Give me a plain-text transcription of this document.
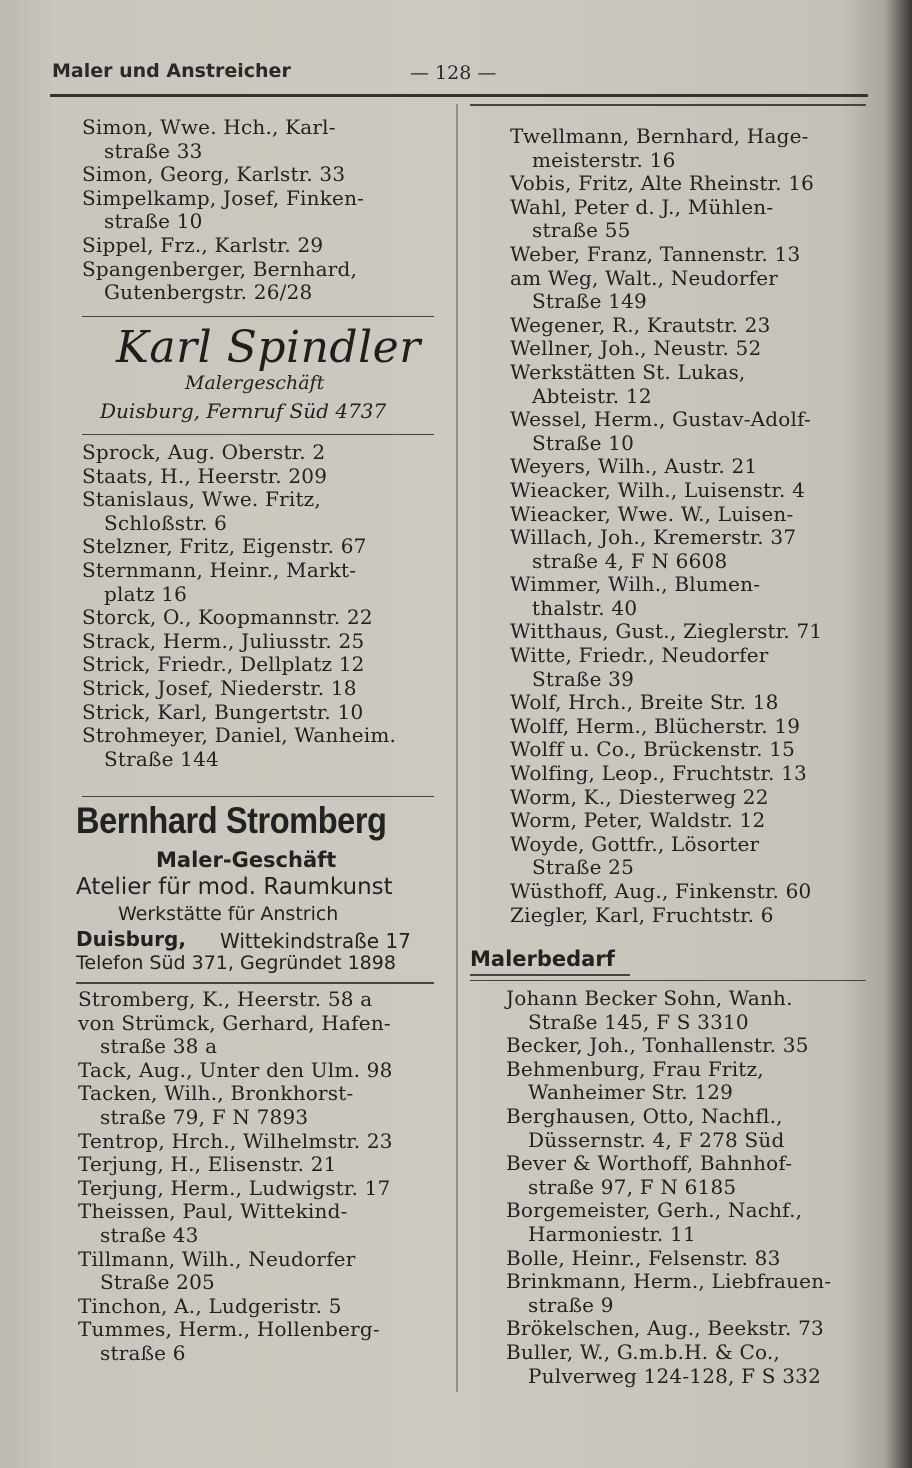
Maler und Anstreicher	— 128 —
Simon, Wwe. Hch., Karl-
straße 33
Simon, Georg, Karlstr. 33
Simpelkamp, Josef, Finken-
straße 10
Sippel, Frz., Karlstr. 29
Spangenberger, Bernhard,
Gutenbergstr. 26/28
Karl Spindler
Malergeschäft
Duisburg, Fernruf Süd 4737
Sprock, Aug. Oberstr. 2
Staats, H., Heerstr. 209
Stanislaus, Wwe. Fritz,
Schloßstr. 6
Stelzner, Fritz, Eigenstr. 67
Sternmann, Heinr., Markt-
platz 16
Storck, O., Koopmannstr. 22
Strack, Herm., Juliusstr. 25
Strick, Friedr., Dellplatz 12
Strick, Josef, Niederstr. 18
Strick, Karl, Bungertstr. 10
Strohmeyer, Daniel, Wanheim.
Straße 144
Bernhard Stromberg
Maler-Geschäft
Atelier für mod. Raumkunst
Werkstätte für Anstrich
Duisburg, Wittekindstraße 17
Telefon Süd 371, Gegründet 1898
Stromberg, K., Heerstr. 58 a
von Strümck, Gerhard, Hafen-
straße 38 a
Tack, Aug., Unter den Ulm. 98
Tacken, Wilh., Bronkhorst-
straße 79, F N 7893
Tentrop, Hrch., Wilhelmstr. 23
Terjung, H., Elisenstr. 21
Terjung, Herm., Ludwigstr. 17
Theissen, Paul, Wittekind-
straße 43
Tillmann, Wilh., Neudorfer
Straße 205
Tinchon, A., Ludgeristr. 5
Tummes, Herm., Hollenberg-
straße 6
Twellmann, Bernhard, Hage-
meisterstr. 16
Vobis, Fritz, Alte Rheinstr. 16
Wahl, Peter d. J., Mühlen-
straße 55
Weber, Franz, Tannenstr. 13
am Weg, Walt., Neudorfer
Straße 149
Wegener, R., Krautstr. 23
Wellner, Joh., Neustr. 52
Werkstätten St. Lukas,
Abteistr. 12
Wessel, Herm., Gustav-Adolf-
Straße 10
Weyers, Wilh., Austr. 21
Wieacker, Wilh., Luisenstr. 4
Wieacker, Wwe. W., Luisen-
Willach, Joh., Kremerstr. 37
straße 4, F N 6608
Wimmer, Wilh., Blumen-
thalstr. 40
Witthaus, Gust., Zieglerstr. 71
Witte, Friedr., Neudorfer
Straße 39
Wolf, Hrch., Breite Str. 18
Wolff, Herm., Blücherstr. 19
Wolff u. Co., Brückenstr. 15
Wolfing, Leop., Fruchtstr. 13
Worm, K., Diesterweg 22
Worm, Peter, Waldstr. 12
Woyde, Gottfr., Lösorter
Straße 25
Wüsthoff, Aug., Finkenstr. 60
Ziegler, Karl, Fruchtstr. 6
Malerbedarf
Johann Becker Sohn, Wanh.
Straße 145, F S 3310
Becker, Joh., Tonhallenstr. 35
Behmenburg, Frau Fritz,
Wanheimer Str. 129
Berghausen, Otto, Nachfl.,
Düssernstr. 4, F 278 Süd
Bever & Worthoff, Bahnhof-
straße 97, F N 6185
Borgemeister, Gerh., Nachf.,
Harmoniestr. 11
Bolle, Heinr., Felsenstr. 83
Brinkmann, Herm., Liebfrauen-
straße 9
Brökelschen, Aug., Beekstr. 73
Buller, W., G.m.b.H. & Co.,
Pulverweg 124-128, F S 332
